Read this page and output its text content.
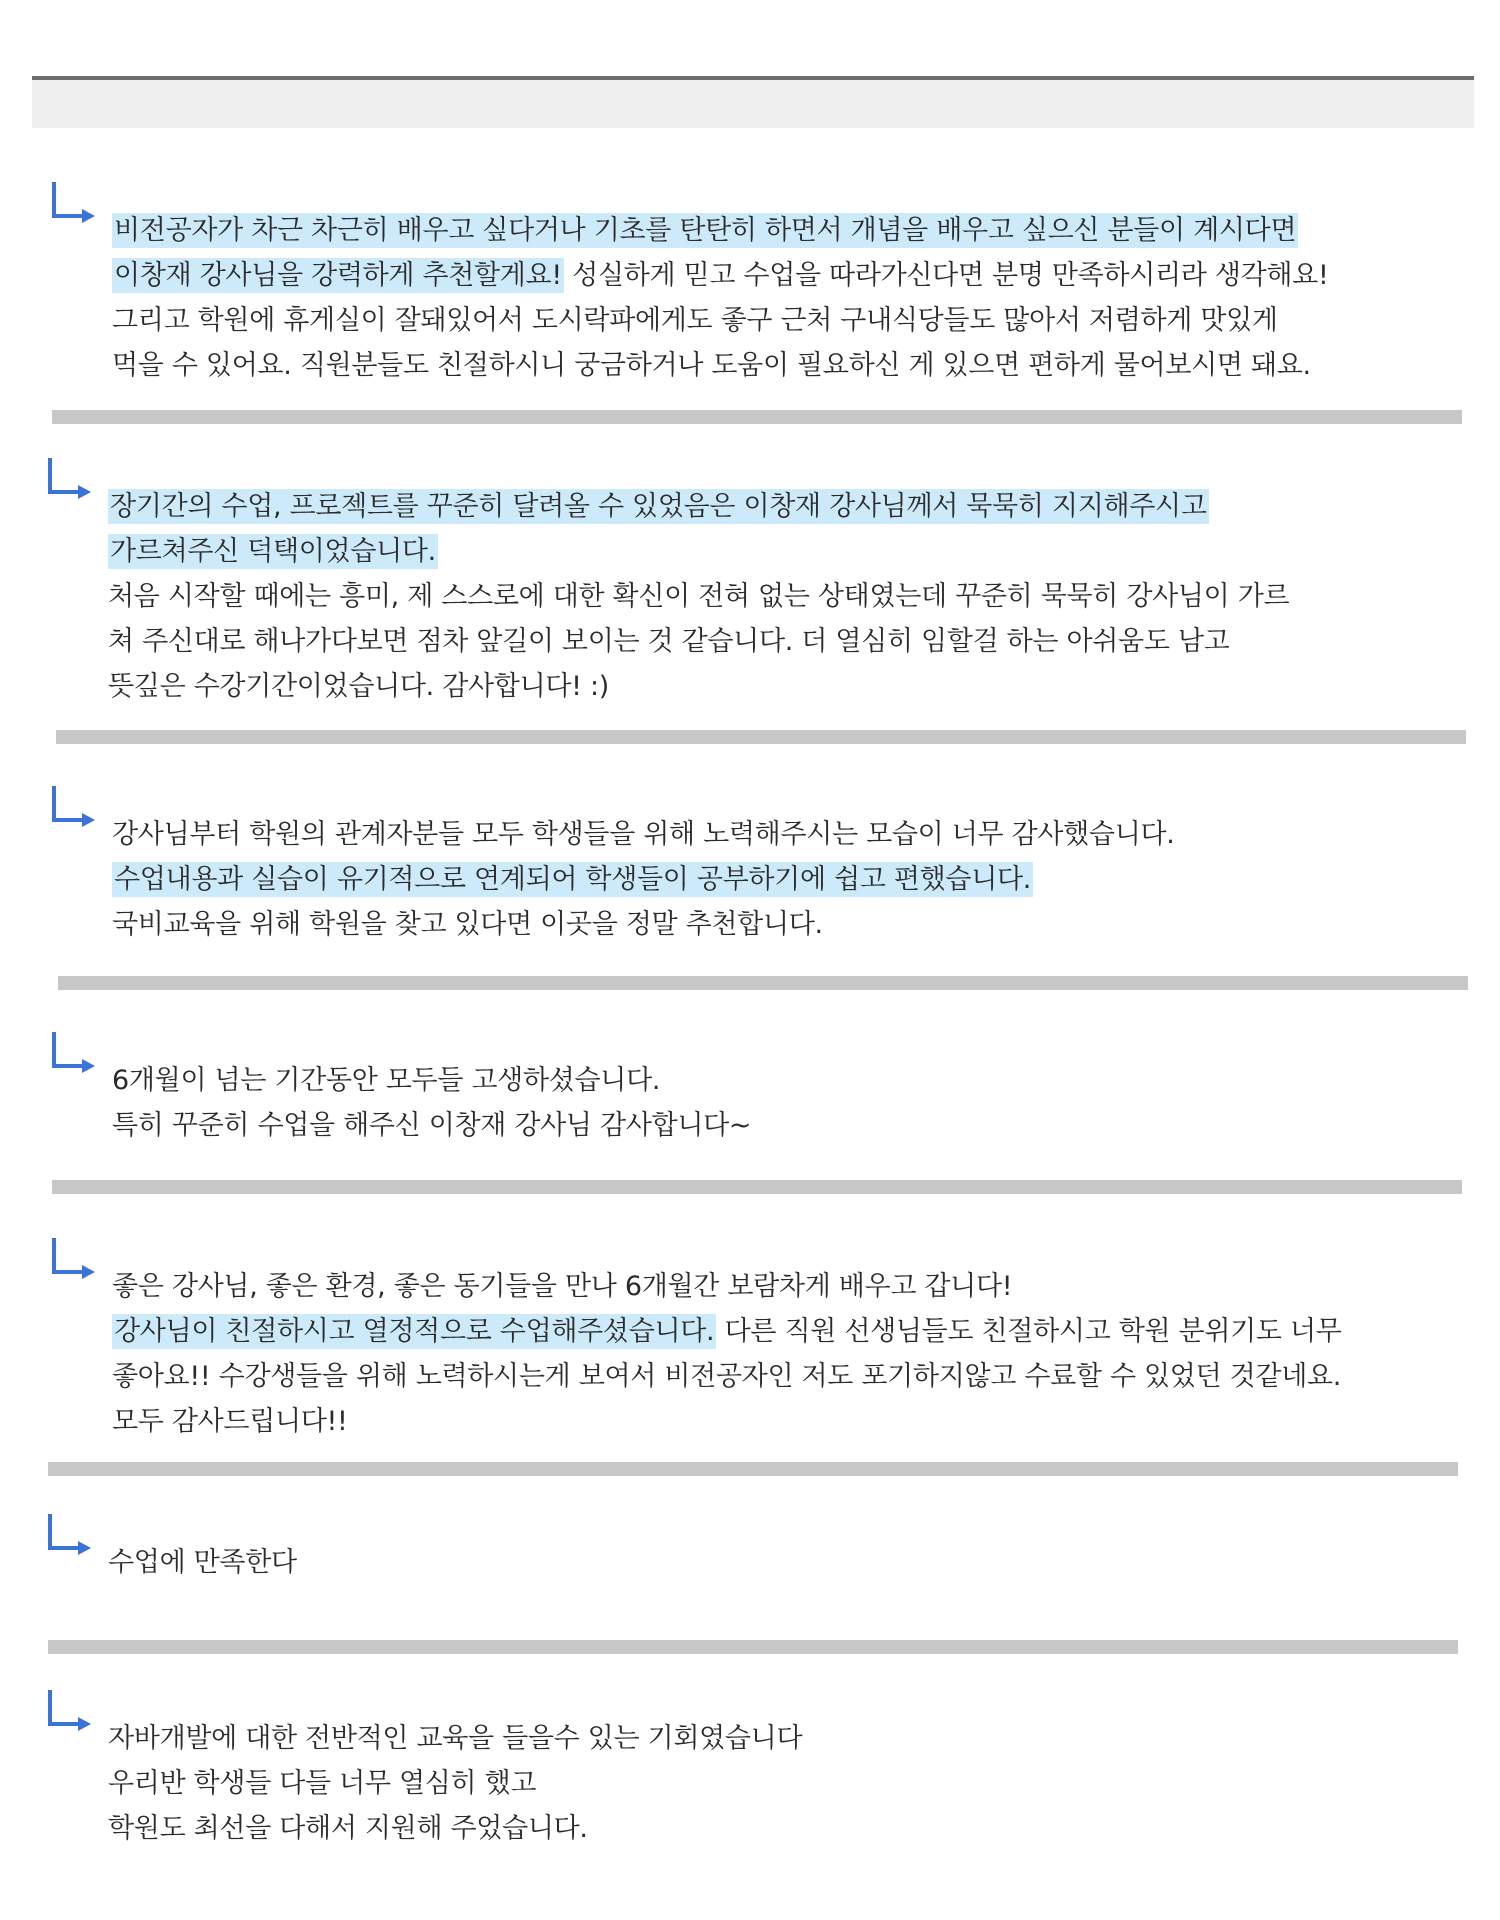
비전공자가 차근 차근히 배우고 싶다거나 기초를 탄탄히 하면서 개념을 배우고 싶으신 분들이 계시다면
이창재 강사님을 강력하게 추천할게요! 성실하게 믿고 수업을 따라가신다면 분명 만족하시리라 생각해요!
그리고 학원에 휴게실이 잘돼있어서 도시락파에게도 좋구 근처 구내식당들도 많아서 저렴하게 맛있게
먹을 수 있어요. 직원분들도 친절하시니 궁금하거나 도움이 필요하신 게 있으면 편하게 물어보시면 돼요.
장기간의 수업, 프로젝트를 꾸준히 달려올 수 있었음은 이창재 강사님께서 묵묵히 지지해주시고
가르쳐주신 덕택이었습니다.
처음 시작할 때에는 흥미, 제 스스로에 대한 확신이 전혀 없는 상태였는데 꾸준히 묵묵히 강사님이 가르
쳐 주신대로 해나가다보면 점차 앞길이 보이는 것 같습니다. 더 열심히 임할걸 하는 아쉬움도 남고
뜻깊은 수강기간이었습니다. 감사합니다! :)
강사님부터 학원의 관계자분들 모두 학생들을 위해 노력해주시는 모습이 너무 감사했습니다.
수업내용과 실습이 유기적으로 연계되어 학생들이 공부하기에 쉽고 편했습니다.
국비교육을 위해 학원을 찾고 있다면 이곳을 정말 추천합니다.
6개월이 넘는 기간동안 모두들 고생하셨습니다.
특히 꾸준히 수업을 해주신 이창재 강사님 감사합니다~
좋은 강사님, 좋은 환경, 좋은 동기들을 만나 6개월간 보람차게 배우고 갑니다!
강사님이 친절하시고 열정적으로 수업해주셨습니다. 다른 직원 선생님들도 친절하시고 학원 분위기도 너무
좋아요!! 수강생들을 위해 노력하시는게 보여서 비전공자인 저도 포기하지않고 수료할 수 있었던 것같네요.
모두 감사드립니다!!
수업에 만족한다
자바개발에 대한 전반적인 교육을 들을수 있는 기회였습니다
우리반 학생들 다들 너무 열심히 했고
학원도 최선을 다해서 지원해 주었습니다.
